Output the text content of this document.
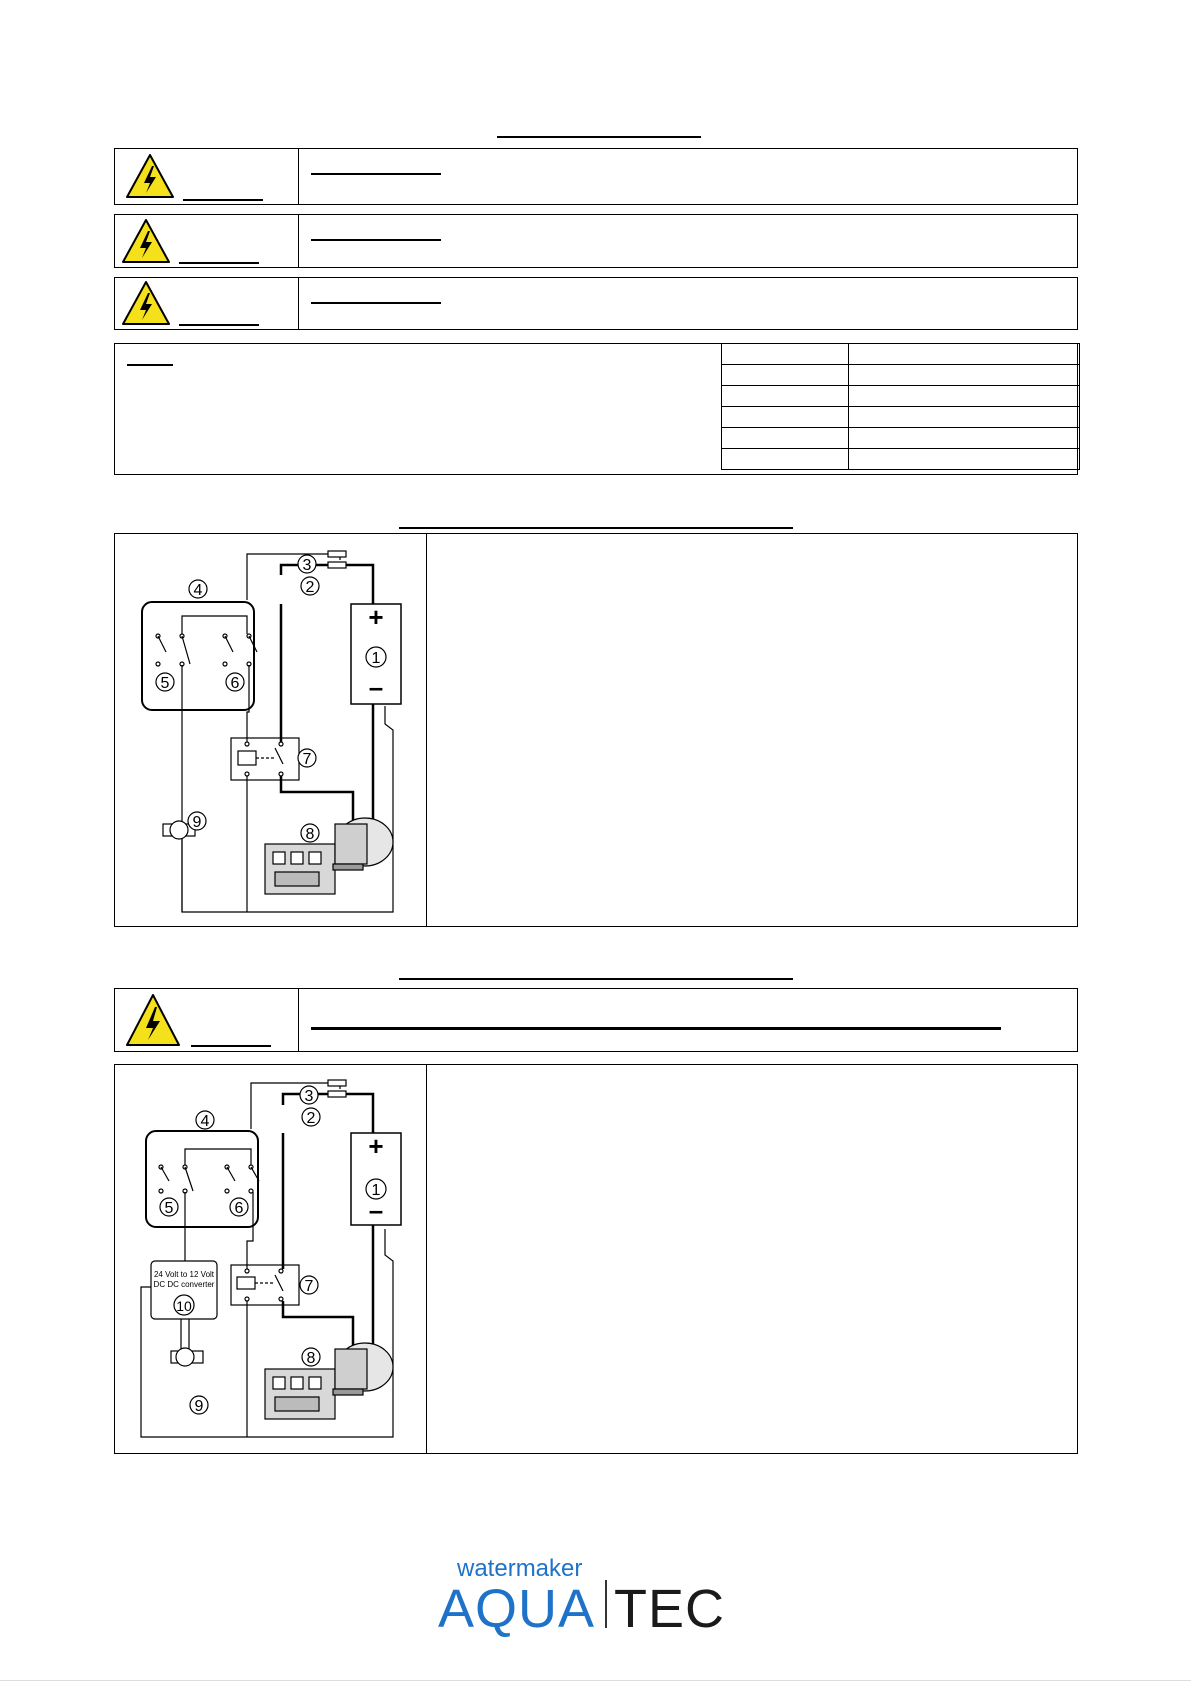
4
5	6
3
2
1
+
–
7
8
9
4
5	6
3
2
1
+
–
7
8
9
10
24 Volt to 12 Volt
DC DC converter
watermaker
AQUA TEC
